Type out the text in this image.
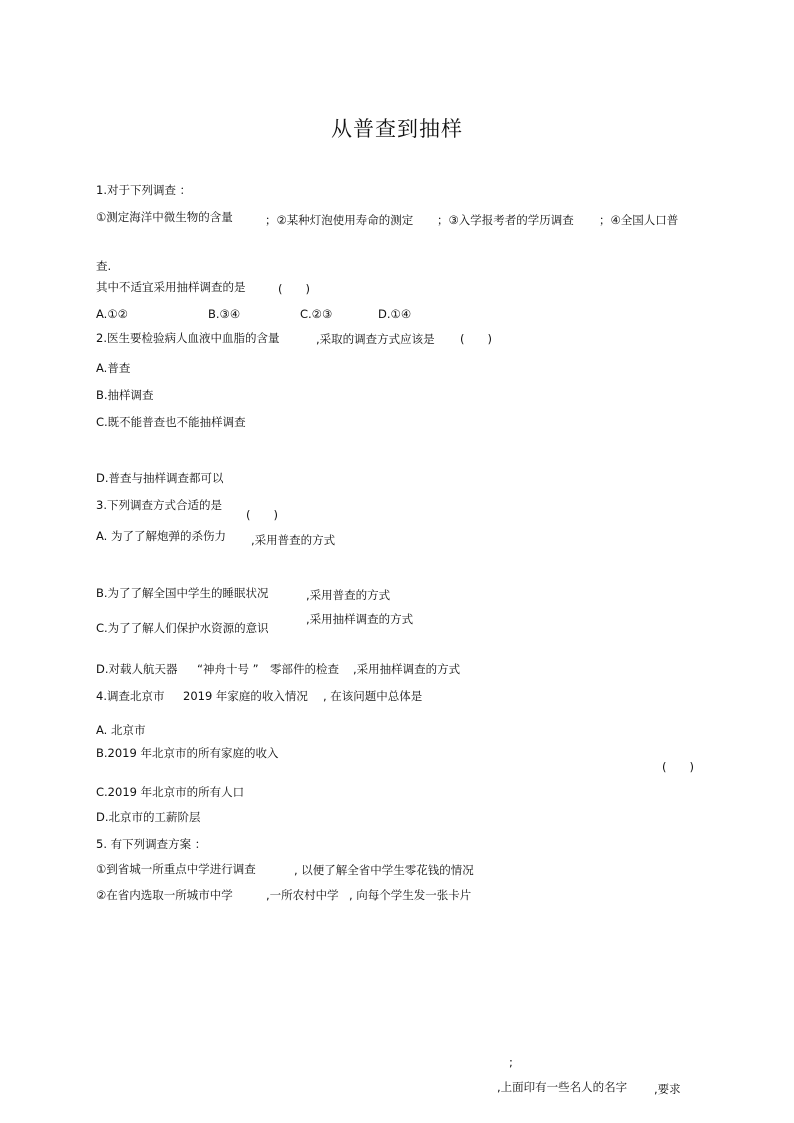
从普查到抽样
1.对于下列调查 ：
①测定海洋中微生物的含量	；②某种灯泡使用寿命的测定 ；③入学报考者的学历调查 ；④全国人口普
查.
其中不适宜采用抽样调查的是	(　　)
A.①②	B.③④	C.②③	D.①④
2.医生要检验病人血液中血脂的含量	,采取的调查方式应该是 (　　)
A.普查
B.抽样调查
C.既不能普查也不能抽样调查
D.普查与抽样调查都可以
3.下列调查方式合适的是
(　　)
A. 为了了解炮弹的杀伤力 ,采用普查的方式
B.为了了解全国中学生的睡眠状况	,采用普查的方式
C.为了了解人们保护水资源的意识
,采用抽样调查的方式
D.对载人航天器 “神舟十号 ” 零部件的检查 ,采用抽样调查的方式
4.调查北京市 2019 年家庭的收入情况 , 在该问题中总体是
A. 北京市
B.2019 年北京市的所有家庭的收入
(　　)
C.2019 年北京市的所有人口
D.北京市的工薪阶层
5. 有下列调查方案 ：
①到省城一所重点中学进行调查	, 以便了解全省中学生零花钱的情况
②在省内选取一所城市中学	,一所农村中学 , 向每个学生发一张卡片
;
,上面印有一些名人的名字 ,要求
